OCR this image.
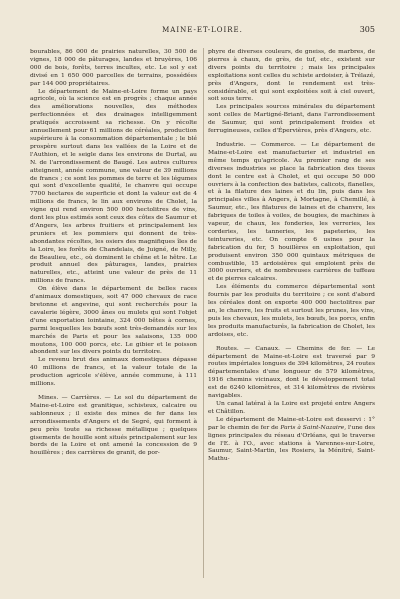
MAINE-ET-LOIRE.	305

bourables, 86 000 de prairies naturelles, 30 500 de vignes, 18 000 de pâturages, landes et bruyères, 106 000 de bois, forêts, terres incultes, etc. Le sol y est divisé en 1 650 000 parcelles de terrains, possédées par 144 000 propriétaires.

Le département de Maine-et-Loire forme un pays agricole, où la science est en progrès ; chaque année des améliorations nouvelles, des méthodes perfectionnées et des drainages intelligemment pratiqués accroissent sa richesse. On y récolte annuellement pour 61 millions de céréales, production supérieure à la consommation départementale ; le blé prospère surtout dans les vallées de la Loire et de l'Authion, et le seigle dans les environs de Durtal, au N. de l'arrondissement de Baugé. Les autres cultures atteignent, année commune, une valeur de 39 millions de francs ; ce sont les pommes de terre et les légumes qui sont d'excellente qualité, le chanvre qui occupe 7700 hectares de superficie et dont la valeur est de 4 millions de francs, le lin aux environs de Cholet, la vigne qui rend environ 500 000 hectolitres de vins, dont les plus estimés sont ceux des côtes de Saumur et d'Angers, les arbres fruitiers et principalement les pruniers et les pommiers qui donnent de très-abondantes récoltes, les osiers des magnifiques îles de la Loire, les forêts de Chandelais, de Juigné, de Milly, de Beaulieu, etc., où dominent le chêne et le hêtre. Le produit annuel des pâturages, landes, prairies naturelles, etc., atteint une valeur de près de 11 millions de francs.

On élève dans le département de belles races d'animaux domestiques, soit 47 000 chevaux de race bretonne et angevine, qui sont recherchés pour la cavalerie légère, 3000 ânes ou mulets qui sont l'objet d'une exportation lointaine, 324 000 bêtes à cornes, parmi lesquelles les bœufs sont très-demandés sur les marchés de Paris et pour les salaisons, 135 000 moutons, 100 000 porcs, etc. Le gibier et le poisson abondent sur les divers points du territoire.

Le revenu brut des animaux domestiques dépasse 40 millions de francs, et la valeur totale de la production agricole s'élève, année commune, à 111 millions.

Mines. — Carrières. — Le sol du département de Maine-et-Loire est granitique, schisteux, calcaire ou sablonneux ; il existe des mines de fer dans les arrondissements d'Angers et de Segré, qui forment à peu près toute sa richesse métallique ; quelques gisements de houille sont situés principalement sur les bords de la Loire et ont amené la concession de 9 houillères ; des carrières de granit, de por-

phyre de diverses couleurs, de gneiss, de marbres, de pierres à chaux, de grès, de tuf, etc., existent sur divers points du territoire ; mais les principales exploitations sont celles du schiste ardoisier, à Trélazé, près d'Angers, dont le rendement est très-considérable, et qui sont exploitées soit à ciel ouvert, soit sous terre.

Les principales sources minérales du département sont celles de Martigné-Briant, dans l'arrondissement de Saumur, qui sont principalement froides et ferrugineuses, celles d'Épervières, près d'Angers, etc.

Industrie. — Commerce. — Le département de Maine-et-Loire est manufacturier et industriel en même temps qu'agricole. Au premier rang de ses diverses industries se place la fabrication des tissus dont le centre est à Cholet, et qui occupe 50 000 ouvriers à la confection des batistes, calicots, flanelles, et à la filature des laines et du lin, puis dans les principales villes à Angers, à Mortagne, à Chemillé, à Saumur, etc., les filatures de laines et de chanvre, les fabriques de toiles à voiles, de bougies, de machines à vapeur, de chaux, les fonderies, les verreries, les corderies, les tanneries, les papeteries, les teintureries, etc. On compte 6 usines pour la fabrication du fer, 5 houillères en exploitation, qui produisent environ 350 000 quintaux métriques de combustible, 15 ardoisières qui emploient près de 3000 ouvriers, et de nombreuses carrières de tuffeau et de pierres calcaires.

Les éléments du commerce départemental sont fournis par les produits du territoire ; ce sont d'abord les céréales dont on exporte 400 000 hectolitres par an, le chanvre, les fruits et surtout les prunes, les vins, puis les chevaux, les mulets, les bœufs, les porcs, enfin les produits manufacturés, la fabrication de Cholet, les ardoises, etc.

Routes. — Canaux. — Chemins de fer. — Le département de Maine-et-Loire est traversé par 9 routes impériales longues de 394 kilomètres, 24 routes départementales d'une longueur de 579 kilomètres, 1916 chemins vicinaux, dont le développement total est de 6240 kilomètres, et 314 kilomètres de rivières navigables.

Un canal latéral à la Loire est projeté entre Angers et Châtillon.

Le département de Maine-et-Loire est desservi : 1° par le chemin de fer de Paris à Saint-Nazaire, l'une des lignes principales du réseau d'Orléans, qui le traverse de l'E. à l'O., avec stations à Varennes-sur-Loire, Saumur, Saint-Martin, les Rosiers, la Ménitré, Saint-Mathu-
